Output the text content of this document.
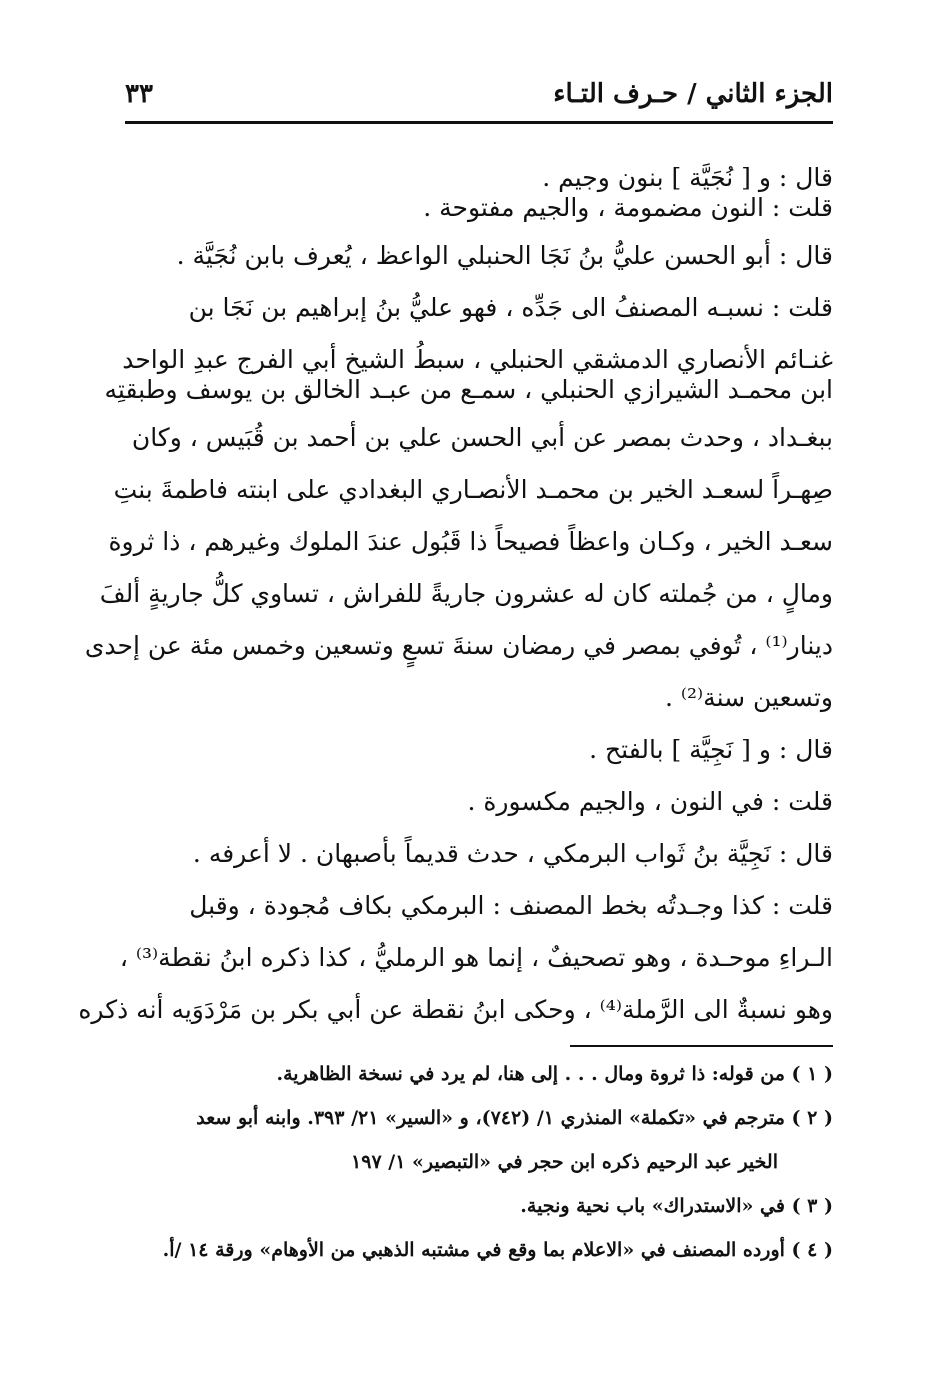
الجزء الثاني / حـرف التـاء
٣٣
قال : و [ نُجَيَّة ] بنون وجيم .
قلت : النون مضمومة ، والجيم مفتوحة .
قال : أبو الحسن عليُّ بنُ نَجَا الحنبلي الواعظ ، يُعرف بابن نُجَيَّة .
قلت : نسبـه المصنفُ الى جَدِّه ، فهو عليُّ بنُ إبراهيم بن نَجَا بن
غنـائم الأنصاري الدمشقي الحنبلي ، سبطُ الشيخ أبي الفرج عبدِ الواحد
ابن محمـد الشيرازي الحنبلي ، سمـع من عبـد الخالق بن يوسف وطبقتِه
ببغـداد ، وحدث بمصر عن أبي الحسن علي بن أحمد بن قُبَيس ، وكان
صِهـراً لسعـد الخير بن محمـد الأنصـاري البغدادي على ابنته فاطمةَ بنتِ
سعـد الخير ، وكـان واعظاً فصيحاً ذا قَبُول عندَ الملوك وغيرهم ، ذا ثروة
ومالٍ ، من جُملته كان له عشرون جاريةً للفراش ، تساوي كلُّ جاريةٍ ألفَ
دينار⁽¹⁾ ، تُوفي بمصر في رمضان سنةَ تسعٍ وتسعين وخمس مئة عن إحدى
وتسعين سنة⁽²⁾ .
قال : و [ نَجِيَّة ] بالفتح .
قلت : في النون ، والجيم مكسورة .
قال : نَجِيَّة بنُ ثَواب البرمكي ، حدث قديماً بأصبهان . لا أعرفه .
قلت : كذا وجـدتُه بخط المصنف : البرمكي بكاف مُجودة ، وقبل
الـراءِ موحـدة ، وهو تصحيفٌ ، إنما هو الرمليُّ ، كذا ذكره ابنُ نقطة⁽³⁾ ،
وهو نسبةٌ الى الرَّملة⁽⁴⁾ ، وحكى ابنُ نقطة عن أبي بكر بن مَرْدَوَيه أنه ذكره
( ١ ) من قوله: ذا ثروة ومال . . . إلى هنا، لم يرد في نسخة الظاهرية.
( ٢ ) مترجم في «تكملة» المنذري ١/ (٧٤٢)، و «السير» ٢١/ ٣٩٣. وابنه أبو سعد
الخير عبد الرحيم ذكره ابن حجر في «التبصير» ١/ ١٩٧
( ٣ ) في «الاستدراك» باب نحية ونجية.
( ٤ ) أورده المصنف في «الاعلام بما وقع في مشتبه الذهبي من الأوهام» ورقة ١٤ /أ.
